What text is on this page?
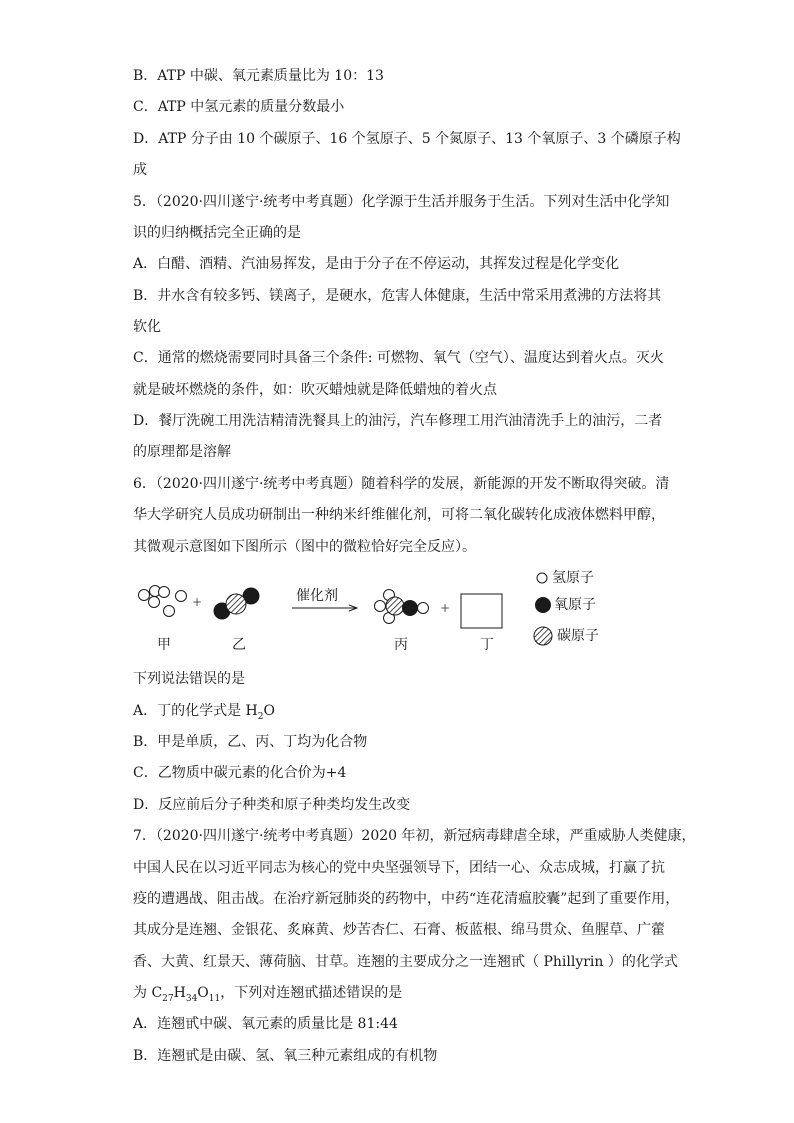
B．ATP 中碳、氧元素质量比为 10：13
C．ATP 中氢元素的质量分数最小
D．ATP 分子由 10 个碳原子、16 个氢原子、5 个氮原子、13 个氧原子、3 个磷原子构
成
5．（2020·四川遂宁·统考中考真题）化学源于生活并服务于生活。下列对生活中化学知
识的归纳概括完全正确的是
A．白醋、酒精、汽油易挥发，是由于分子在不停运动，其挥发过程是化学变化
B．井水含有较多钙、镁离子，是硬水，危害人体健康，生活中常采用煮沸的方法将其
软化
C．通常的燃烧需要同时具备三个条件: 可燃物、氧气（空气）、温度达到着火点。灭火
就是破坏燃烧的条件，如：吹灭蜡烛就是降低蜡烛的着火点
D．餐厅洗碗工用洗洁精清洗餐具上的油污，汽车修理工用汽油清洗手上的油污，二者
的原理都是溶解
6．（2020·四川遂宁·统考中考真题）随着科学的发展，新能源的开发不断取得突破。清
华大学研究人员成功研制出一种纳米纤维催化剂，可将二氧化碳转化成液体燃料甲醇，
其微观示意图如下图所示（图中的微粒恰好完全反应）。
+	+
催化剂
甲	乙	丙	丁
氢原子
氧原子
碳原子
下列说法错误的是
A．丁的化学式是 $H_2O$
B．甲是单质，乙、丙、丁均为化合物
C．乙物质中碳元素的化合价为+4
D．反应前后分子种类和原子种类均发生改变
7．（2020·四川遂宁·统考中考真题）2020 年初，新冠病毒肆虐全球，严重威胁人类健康，
中国人民在以习近平同志为核心的党中央坚强领导下，团结一心、众志成城，打赢了抗
疫的遭遇战、阻击战。在治疗新冠肺炎的药物中，中药“连花清瘟胶囊”起到了重要作用，
其成分是连翘、金银花、炙麻黄、炒苦杏仁、石膏、板蓝根、绵马贯众、鱼腥草、广藿
香、大黄、红景天、薄荷脑、甘草。连翘的主要成分之一连翘甙（ Phillyrin ）的化学式
为 $C_{27}H_{34}O_{11}$，下列对连翘甙描述错误的是
A．连翘甙中碳、氧元素的质量比是 81:44
B．连翘甙是由碳、氢、氧三种元素组成的有机物
